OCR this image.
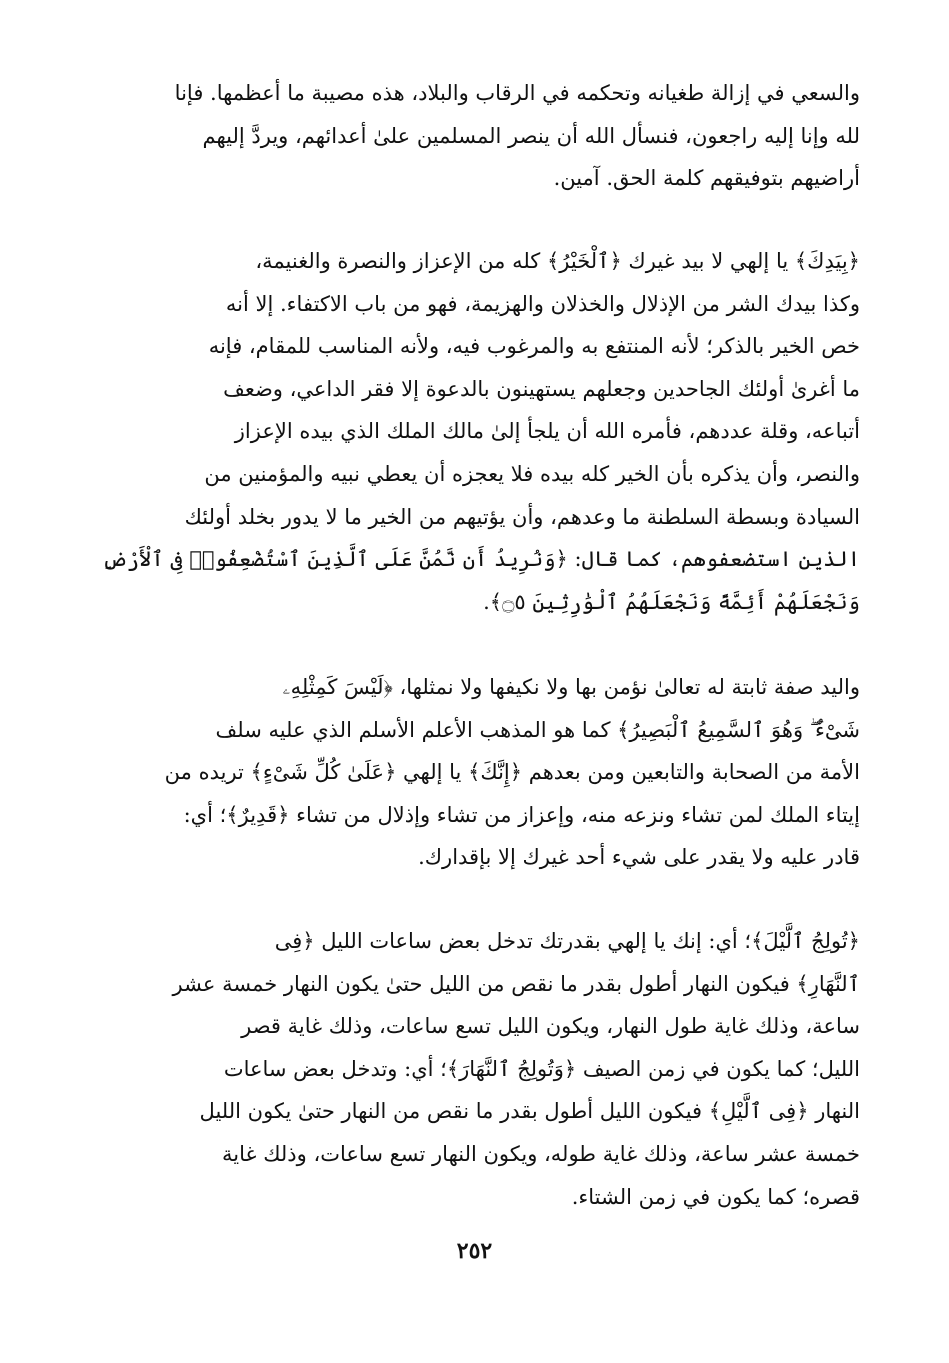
والسعي في إزالة طغيانه وتحكمه في الرقاب والبلاد، هذه مصيبة ما أعظمها. فإنا
لله وإنا إليه راجعون، فنسأل الله أن ينصر المسلمين علىٰ أعدائهم، ويردَّ إليهم
أراضيهم بتوفيقهم كلمة الحق. آمين.
﴿بِيَدِكَ﴾ يا إلهي لا بيد غيرك ﴿ٱلْخَيْرُ﴾ كله من الإعزاز والنصرة والغنيمة،
وكذا بيدك الشر من الإذلال والخذلان والهزيمة، فهو من باب الاكتفاء. إلا أنه
خص الخير بالذكر؛ لأنه المنتفع به والمرغوب فيه، ولأنه المناسب للمقام، فإنه
ما أغرىٰ أولئك الجاحدين وجعلهم يستهينون بالدعوة إلا فقر الداعي، وضعف
أتباعه، وقلة عددهم، فأمره الله أن يلجأ إلىٰ مالك الملك الذي بيده الإعزاز
والنصر، وأن يذكره بأن الخير كله بيده فلا يعجزه أن يعطي نبيه والمؤمنين من
السيادة وبسطة السلطنة ما وعدهم، وأن يؤتيهم من الخير ما لا يدور بخلد أولئك
الذين استضعفوهم، كما قال: ﴿وَنُرِيدُ أَن نَّمُنَّ عَلَى ٱلَّذِينَ ٱسْتُضْعِفُوا۟ فِى ٱلْأَرْضِ
وَنَجْعَلَهُمْ أَئِمَّةً وَنَجْعَلَهُمُ ٱلْوَٰرِثِينَ ۝٥﴾.
واليد صفة ثابتة له تعالىٰ نؤمن بها ولا نكيفها ولا نمثلها، ﴿لَيْسَ كَمِثْلِهِۦ
شَىْءٌ ۖ وَهُوَ ٱلسَّمِيعُ ٱلْبَصِيرُ﴾ كما هو المذهب الأعلم الأسلم الذي عليه سلف
الأمة من الصحابة والتابعين ومن بعدهم ﴿إِنَّكَ﴾ يا إلهي ﴿عَلَىٰ كُلِّ شَىْءٍ﴾ تريده من
إيتاء الملك لمن تشاء ونزعه منه، وإعزاز من تشاء وإذلال من تشاء ﴿قَدِيرٌ﴾؛ أي:
قادر عليه ولا يقدر على شيء أحد غيرك إلا بإقدارك.
﴿تُولِجُ ٱلَّيْلَ﴾؛ أي: إنك يا إلهي بقدرتك تدخل بعض ساعات الليل ﴿فِى
ٱلنَّهَارِ﴾ فيكون النهار أطول بقدر ما نقص من الليل حتىٰ يكون النهار خمسة عشر
ساعة، وذلك غاية طول النهار، ويكون الليل تسع ساعات، وذلك غاية قصر
الليل؛ كما يكون في زمن الصيف ﴿وَتُولِجُ ٱلنَّهَارَ﴾؛ أي: وتدخل بعض ساعات
النهار ﴿فِى ٱلَّيْلِ﴾ فيكون الليل أطول بقدر ما نقص من النهار حتىٰ يكون الليل
خمسة عشر ساعة، وذلك غاية طوله، ويكون النهار تسع ساعات، وذلك غاية
قصره؛ كما يكون في زمن الشتاء.
٢٥٢
